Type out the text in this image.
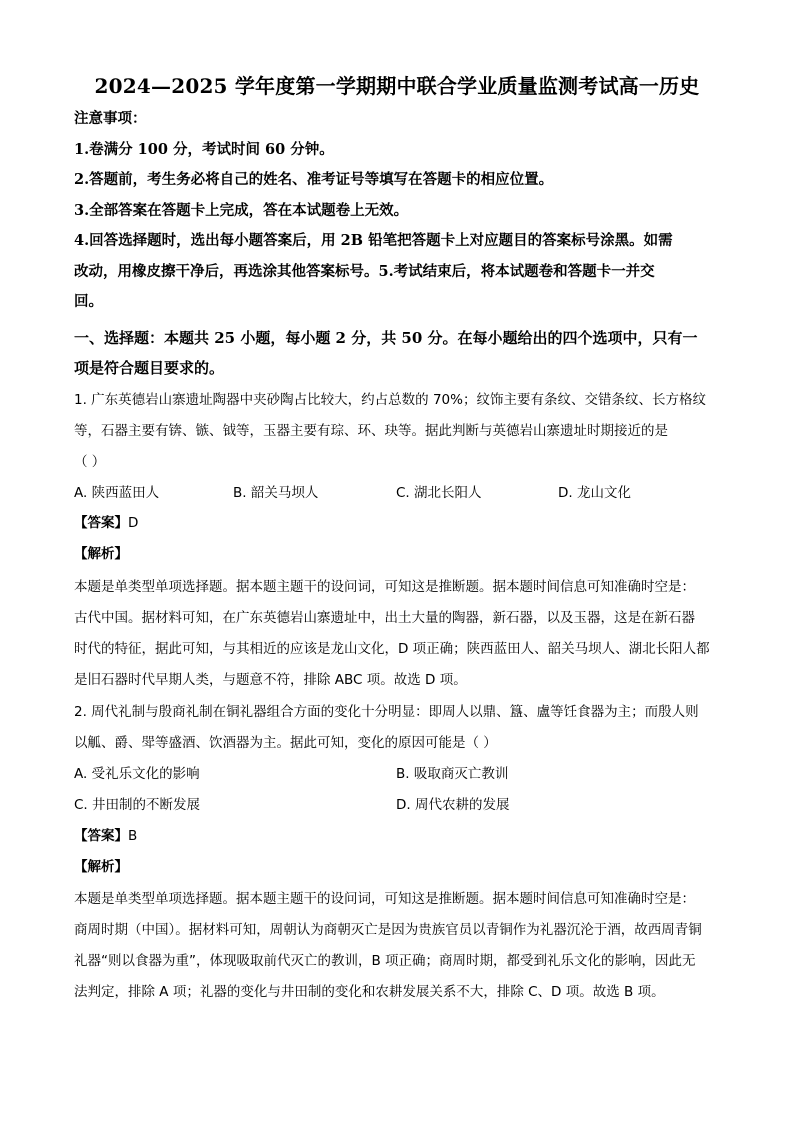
2024—2025 学年度第一学期期中联合学业质量监测考试高一历史
注意事项：
1.卷满分 100 分，考试时间 60 分钟。
2.答题前，考生务必将自己的姓名、准考证号等填写在答题卡的相应位置。
3.全部答案在答题卡上完成，答在本试题卷上无效。
4.回答选择题时，选出每小题答案后，用 2B 铅笔把答题卡上对应题目的答案标号涂黑。如需
改动，用橡皮擦干净后，再选涂其他答案标号。5.考试结束后，将本试题卷和答题卡一并交
回。
一、选择题：本题共 25 小题，每小题 2 分，共 50 分。在每小题给出的四个选项中，只有一
项是符合题目要求的。
1. 广东英德岩山寨遗址陶器中夹砂陶占比较大，约占总数的 70%；纹饰主要有条纹、交错条纹、长方格纹
等，石器主要有锛、镞、钺等，玉器主要有琮、环、玦等。据此判断与英德岩山寨遗址时期接近的是
（ ）
A. 陕西蓝田人	B. 韶关马坝人	C. 湖北长阳人	D. 龙山文化
【答案】D
【解析】
本题是单类型单项选择题。据本题主题干的设问词，可知这是推断题。据本题时间信息可知准确时空是：
古代中国。据材料可知，在广东英德岩山寨遗址中，出土大量的陶器，新石器，以及玉器，这是在新石器
时代的特征，据此可知，与其相近的应该是龙山文化，D 项正确；陕西蓝田人、韶关马坝人、湖北长阳人都
是旧石器时代早期人类，与题意不符，排除 ABC 项。故选 D 项。
2. 周代礼制与殷商礼制在铜礼器组合方面的变化十分明显：即周人以鼎、簋、盧等饪食器为主；而殷人则
以觚、爵、斝等盛酒、饮酒器为主。据此可知，变化的原因可能是（ ）
A. 受礼乐文化的影响	B. 吸取商灭亡教训
C. 井田制的不断发展	D. 周代农耕的发展
【答案】B
【解析】
本题是单类型单项选择题。据本题主题干的设问词，可知这是推断题。据本题时间信息可知准确时空是：
商周时期（中国）。据材料可知，周朝认为商朝灭亡是因为贵族官员以青铜作为礼器沉沦于酒，故西周青铜
礼器“则以食器为重”，体现吸取前代灭亡的教训，B 项正确；商周时期，都受到礼乐文化的影响，因此无
法判定，排除 A 项；礼器的变化与井田制的变化和农耕发展关系不大，排除 C、D 项。故选 B 项。
